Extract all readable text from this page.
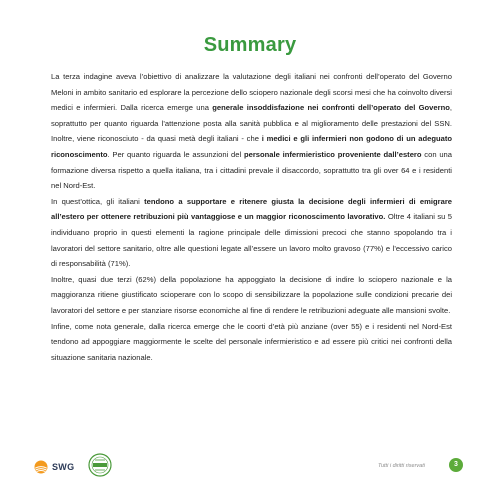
Summary

La terza indagine aveva l’obiettivo di analizzare la valutazione degli italiani nei confronti dell’operato del Governo Meloni in ambito sanitario ed esplorare la percezione dello sciopero nazionale degli scorsi mesi che ha coinvolto diversi medici e infermieri. Dalla ricerca emerge una generale insoddisfazione nei confronti dell’operato del Governo, soprattutto per quanto riguarda l’attenzione posta alla sanità pubblica e al miglioramento delle prestazioni del SSN. Inoltre, viene riconosciuto - da quasi metà degli italiani - che i medici e gli infermieri non godono di un adeguato riconoscimento. Per quanto riguarda le assunzioni del personale infermieristico proveniente dall’estero con una formazione diversa rispetto a quella italiana, tra i cittadini prevale il disaccordo, soprattutto tra gli over 64 e i residenti nel Nord-Est.

In quest’ottica, gli italiani tendono a supportare e ritenere giusta la decisione degli infermieri di emigrare all’estero per ottenere retribuzioni più vantaggiose e un maggior riconoscimento lavorativo. Oltre 4 italiani su 5 individuano proprio in questi elementi la ragione principale delle dimissioni precoci che stanno spopolando tra i lavoratori del settore sanitario, oltre alle questioni legate all’essere un lavoro molto gravoso (77%) e l’eccessivo carico di responsabilità (71%).

Inoltre, quasi due terzi (62%) della popolazione ha appoggiato la decisione di indire lo sciopero nazionale e la maggioranza ritiene giustificato scioperare con lo scopo di sensibilizzare la popolazione sulle condizioni precarie dei lavoratori del settore e per stanziare risorse economiche al fine di rendere le retribuzioni adeguate alle mansioni svolte.

Infine, come nota generale, dalla ricerca emerge che le coorti d’età più anziane (over 55) e i residenti nel Nord-Est tendono ad appoggiare maggiormente le scelte del personale infermieristico e ad essere più critici nei confronti della situazione sanitaria nazionale.

SWG	Tutti i diritti riservati	3
